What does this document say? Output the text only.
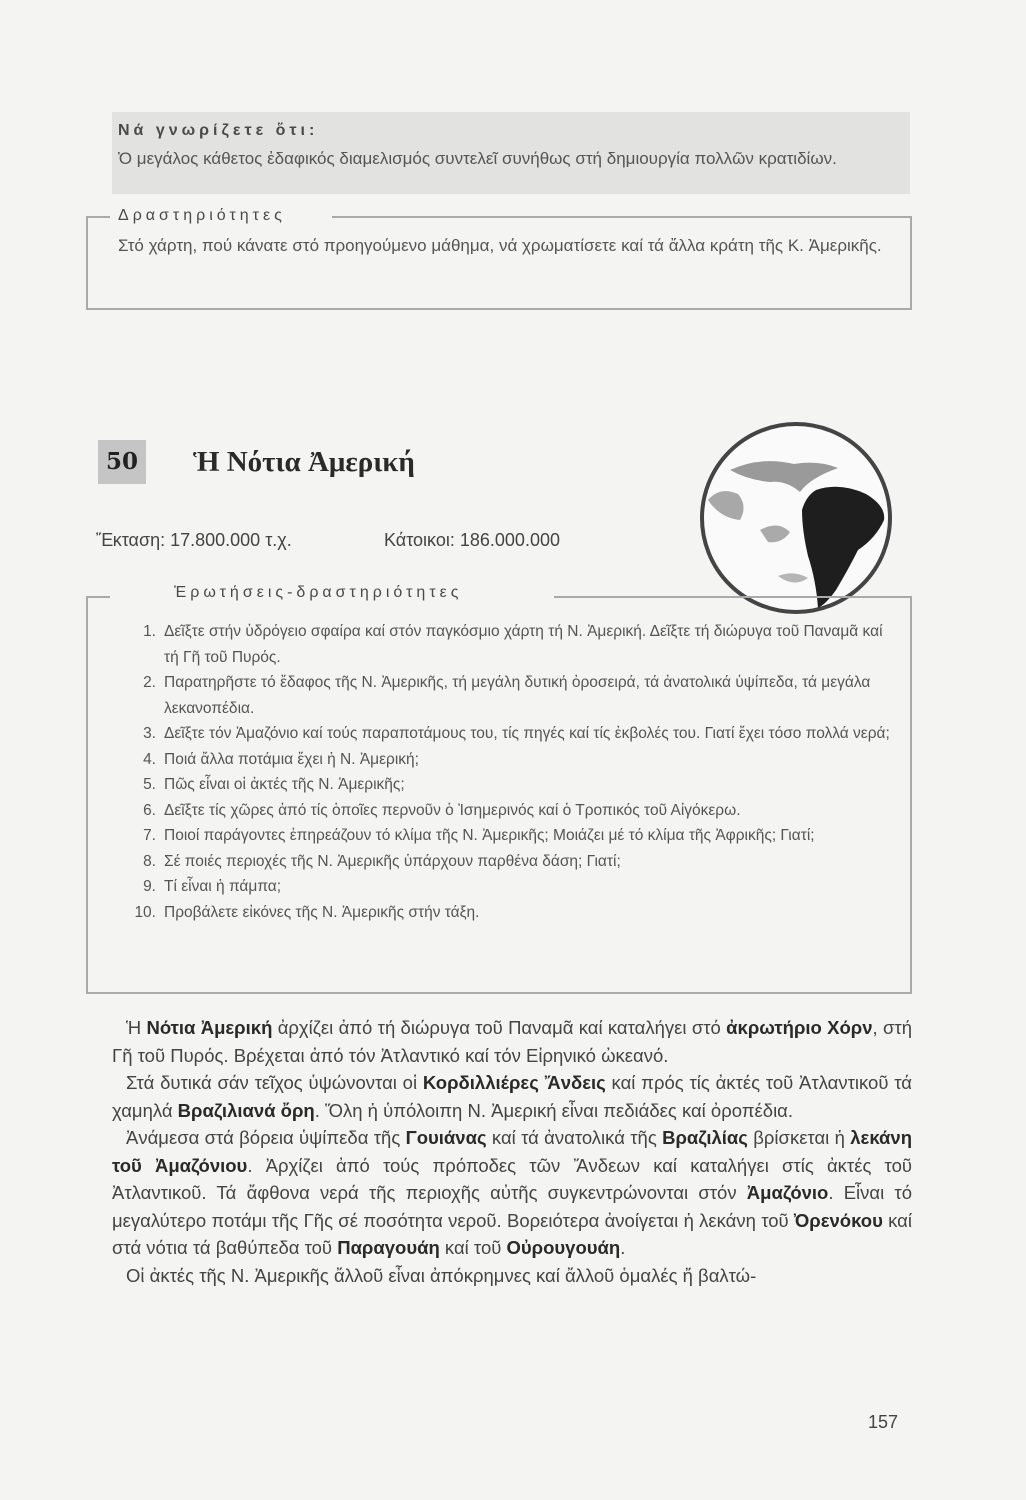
Νά γνωρίζετε ὅτι:
Ὁ μεγάλος κάθετος ἐδαφικός διαμελισμός συντελεῖ συνήθως στή δημιουργία πολλῶν κρατιδίων.
Δραστηριότητες
Στό χάρτη, πού κάνατε στό προηγούμενο μάθημα, νά χρωματίσετε καί τά ἄλλα κράτη τῆς Κ. Ἀμερικῆς.
50 Ἡ Νότια Ἀμερική
Ἔκταση: 17.800.000 τ.χ.	Κάτοικοι: 186.000.000
Ἐρωτήσεις-δραστηριότητες
1. Δεῖξτε στήν ὑδρόγειο σφαίρα καί στόν παγκόσμιο χάρτη τή Ν. Ἀμερική. Δεῖξτε τή διώρυγα τοῦ Παναμᾶ καί τή Γῆ τοῦ Πυρός.
2. Παρατηρῆστε τό ἔδαφος τῆς Ν. Ἀμερικῆς, τή μεγάλη δυτική ὀροσειρά, τά ἀνατολικά ὑψίπεδα, τά μεγάλα λεκανοπέδια.
3. Δεῖξτε τόν Ἀμαζόνιο καί τούς παραποτάμους του, τίς πηγές καί τίς ἐκβολές του. Γιατί ἔχει τόσο πολλά νερά;
4. Ποιά ἄλλα ποτάμια ἔχει ἡ Ν. Ἀμερική;
5. Πῶς εἶναι οἱ ἀκτές τῆς Ν. Ἀμερικῆς;
6. Δεῖξτε τίς χῶρες ἀπό τίς ὁποῖες περνοῦν ὁ Ἰσημερινός καί ὁ Τροπικός τοῦ Αἰγόκερω.
7. Ποιοί παράγοντες ἐπηρεάζουν τό κλίμα τῆς Ν. Ἀμερικῆς; Μοιάζει μέ τό κλίμα τῆς Ἀφρικῆς; Γιατί;
8. Σέ ποιές περιοχές τῆς Ν. Ἀμερικῆς ὑπάρχουν παρθένα δάση; Γιατί;
9. Τί εἶναι ἡ πάμπα;
10. Προβάλετε εἰκόνες τῆς Ν. Ἀμερικῆς στήν τάξη.

Ἡ Νότια Ἀμερική ἀρχίζει ἀπό τή διώρυγα τοῦ Παναμᾶ καί καταλήγει στό ἀκρωτήριο Χόρν, στή Γῆ τοῦ Πυρός. Βρέχεται ἀπό τόν Ἀτλαντικό καί τόν Εἰρηνικό ὠκεανό.

Στά δυτικά σάν τεῖχος ὑψώνονται οἱ Κορδιλλιέρες Ἄνδεις καί πρός τίς ἀκτές τοῦ Ἀτλαντικοῦ τά χαμηλά Βραζιλιανά ὄρη. Ὅλη ἡ ὑπόλοιπη Ν. Ἀμερική εἶναι πεδιάδες καί ὀροπέδια.

Ἀνάμεσα στά βόρεια ὑψίπεδα τῆς Γουιάνας καί τά ἀνατολικά τῆς Βραζιλίας βρίσκεται ἡ λεκάνη τοῦ Ἀμαζόνιου. Ἀρχίζει ἀπό τούς πρόποδες τῶν Ἄνδεων καί καταλήγει στίς ἀκτές τοῦ Ἀτλαντικοῦ. Τά ἄφθονα νερά τῆς περιοχῆς αὐτῆς συγκεντρώνονται στόν Ἀμαζόνιο. Εἶναι τό μεγαλύτερο ποτάμι τῆς Γῆς σέ ποσότητα νεροῦ. Βορειότερα ἀνοίγεται ἡ λεκάνη τοῦ Ὀρενόκου καί στά νότια τά βαθύπεδα τοῦ Παραγουάη καί τοῦ Οὐρουγουάη.

Οἱ ἀκτές τῆς Ν. Ἀμερικῆς ἄλλοῦ εἶναι ἀπόκρημνες καί ἄλλοῦ ὁμαλές ἤ βαλτώ-

157
